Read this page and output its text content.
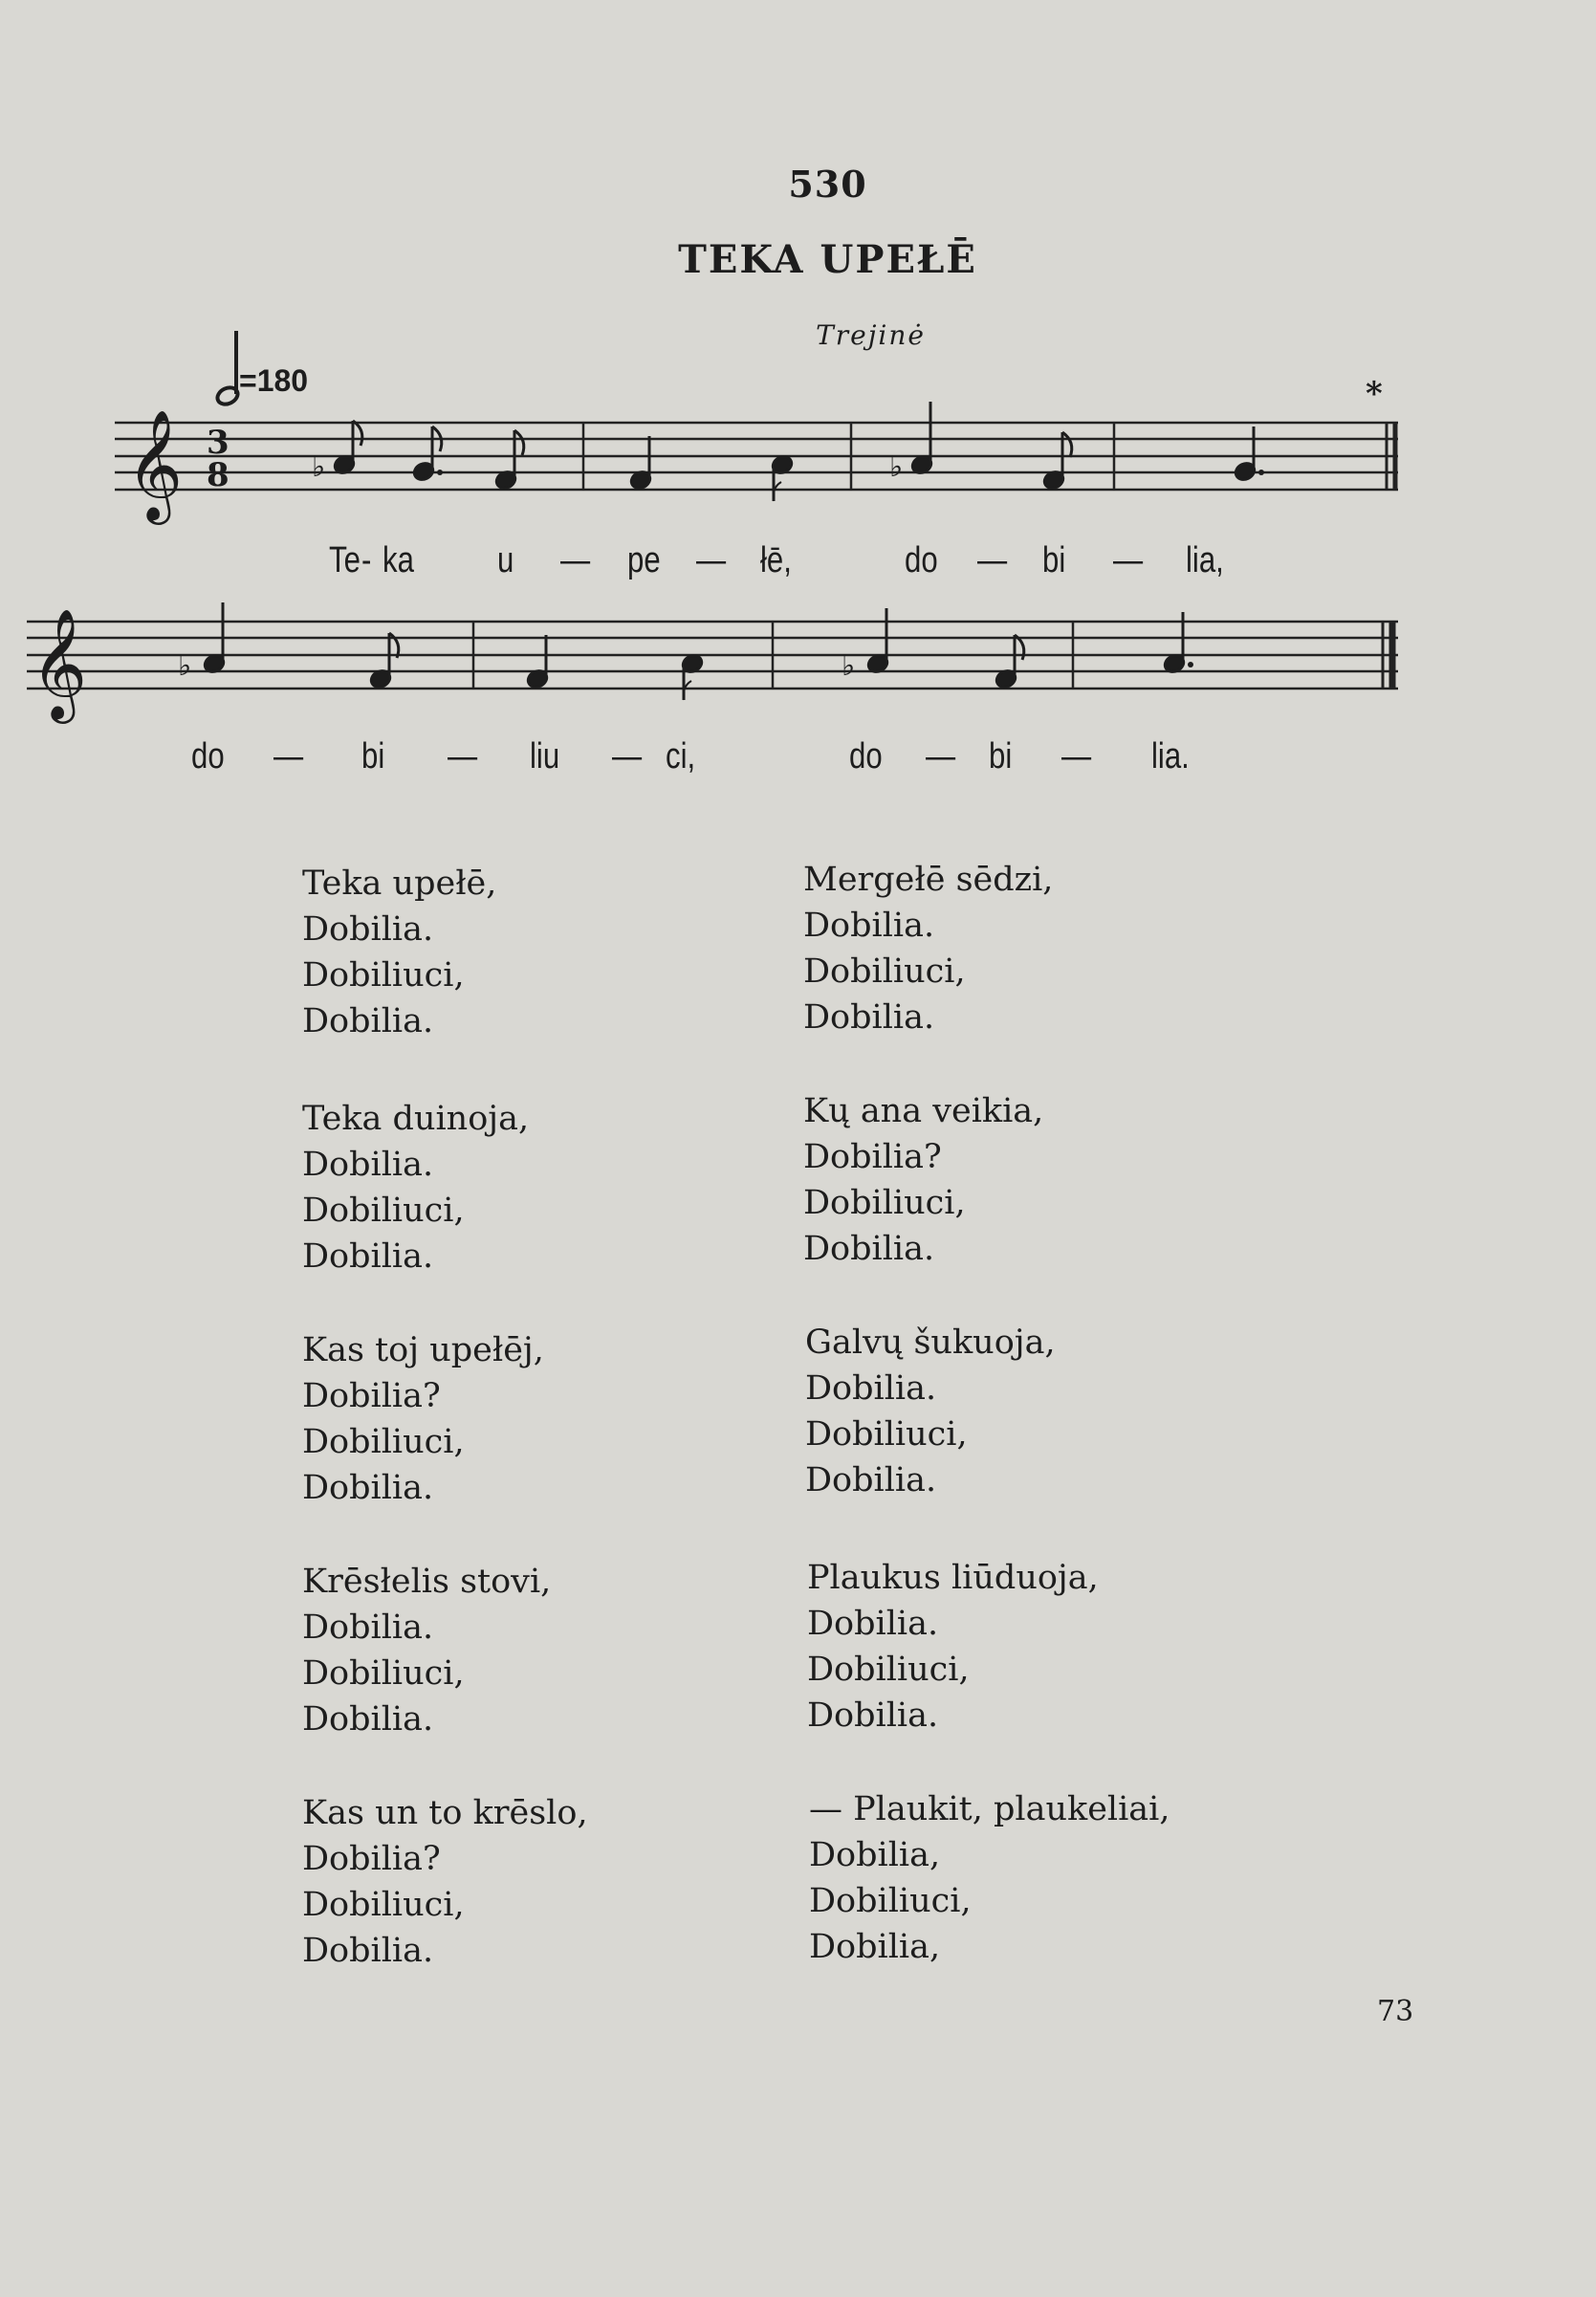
530
TEKA UPEŁĒ
Trejinė
=180	*
𝄞 3
8	♭	♭
𝄞	♭	♭
Te - ka u — pe — łē,	do — bi — lia,
do — bi — liu — ci,	do — bi — lia.
Teka upełē,
Dobilia.
Dobiliuci,
Dobilia.
Teka duinoja,
Dobilia.
Dobiliuci,
Dobilia.
Kas toj upełēj,
Dobilia?
Dobiliuci,
Dobilia.
Krēsłelis stovi,
Dobilia.
Dobiliuci,
Dobilia.
Kas un to krēslo,
Dobilia?
Dobiliuci,
Dobilia.
Mergełē sēdzi,
Dobilia.
Dobiliuci,
Dobilia.
Kų ana veikia,
Dobilia?
Dobiliuci,
Dobilia.
Galvų šukuoja,
Dobilia.
Dobiliuci,
Dobilia.
Plaukus liūduoja,
Dobilia.
Dobiliuci,
Dobilia.
— Plaukit, plaukeliai,
Dobilia,
Dobiliuci,
Dobilia,
73
